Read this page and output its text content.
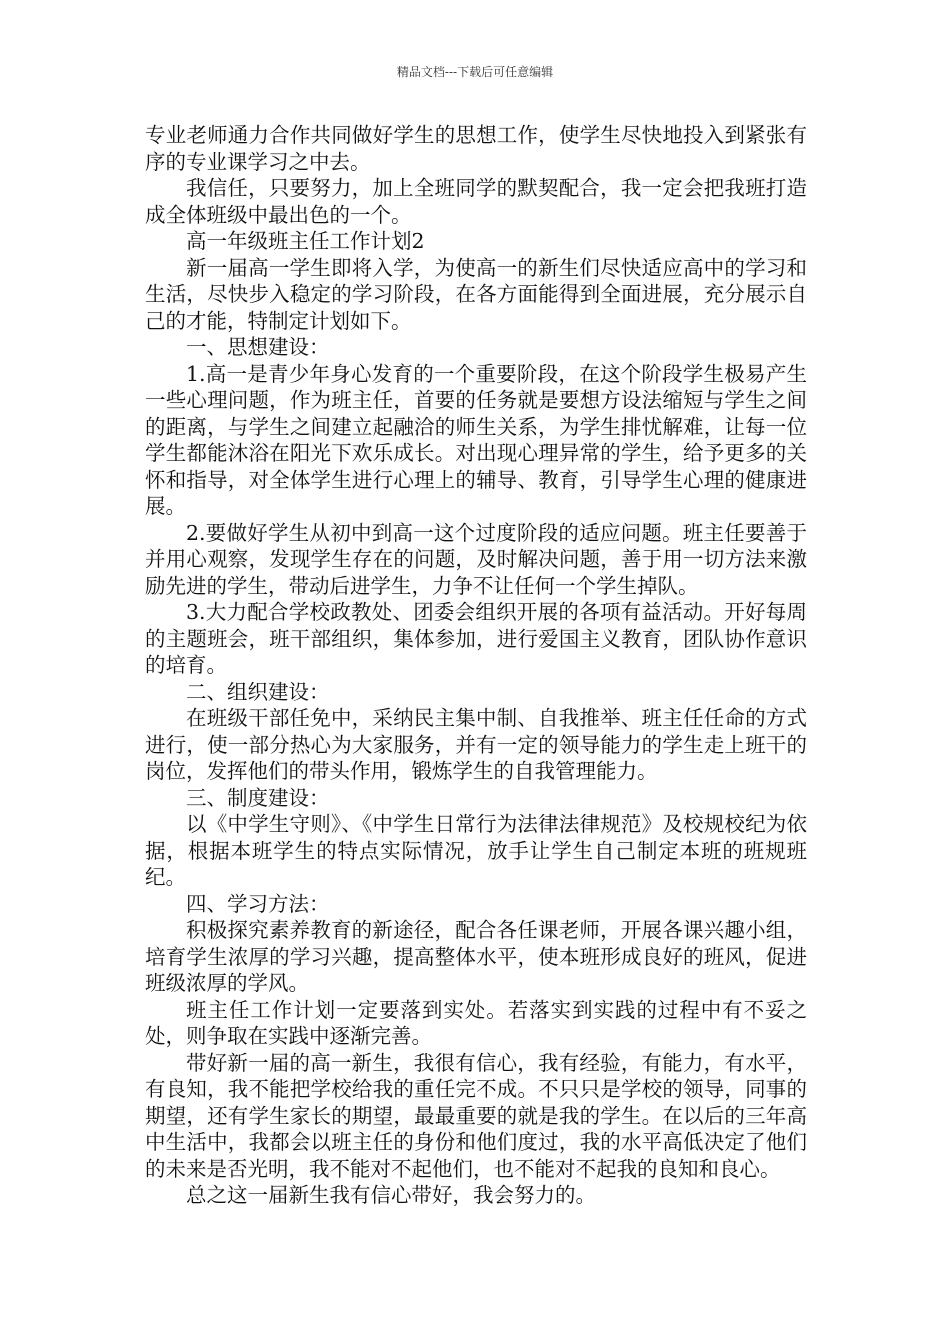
精品文档---下载后可任意编辑

专业老师通力合作共同做好学生的思想工作，使学生尽快地投入到紧张有序的专业课学习之中去。

我信任，只要努力，加上全班同学的默契配合，我一定会把我班打造成全体班级中最出色的一个。

高一年级班主任工作计划2

新一届高一学生即将入学，为使高一的新生们尽快适应高中的学习和生活，尽快步入稳定的学习阶段，在各方面能得到全面进展，充分展示自己的才能，特制定计划如下。

一、思想建设：

1.高一是青少年身心发育的一个重要阶段，在这个阶段学生极易产生一些心理问题，作为班主任，首要的任务就是要想方设法缩短与学生之间的距离，与学生之间建立起融洽的师生关系，为学生排忧解难，让每一位学生都能沐浴在阳光下欢乐成长。对出现心理异常的学生，给予更多的关怀和指导，对全体学生进行心理上的辅导、教育，引导学生心理的健康进展。

2.要做好学生从初中到高一这个过度阶段的适应问题。班主任要善于并用心观察，发现学生存在的问题，及时解决问题，善于用一切方法来激励先进的学生，带动后进学生，力争不让任何一个学生掉队。

3.大力配合学校政教处、团委会组织开展的各项有益活动。开好每周的主题班会，班干部组织，集体参加，进行爱国主义教育，团队协作意识的培育。

二、组织建设：

在班级干部任免中，采纳民主集中制、自我推举、班主任任命的方式进行，使一部分热心为大家服务，并有一定的领导能力的学生走上班干的岗位，发挥他们的带头作用，锻炼学生的自我管理能力。

三、制度建设：

以《中学生守则》、《中学生日常行为法律法律规范》及校规校纪为依据，根据本班学生的特点实际情况，放手让学生自己制定本班的班规班纪。

四、学习方法：

积极探究素养教育的新途径，配合各任课老师，开展各课兴趣小组，培育学生浓厚的学习兴趣，提高整体水平，使本班形成良好的班风，促进班级浓厚的学风。

班主任工作计划一定要落到实处。若落实到实践的过程中有不妥之处，则争取在实践中逐渐完善。

带好新一届的高一新生，我很有信心，我有经验，有能力，有水平，有良知，我不能把学校给我的重任完不成。不只只是学校的领导，同事的期望，还有学生家长的期望，最最重要的就是我的学生。在以后的三年高中生活中，我都会以班主任的身份和他们度过，我的水平高低决定了他们的未来是否光明，我不能对不起他们，也不能对不起我的良知和良心。

总之这一届新生我有信心带好，我会努力的。
